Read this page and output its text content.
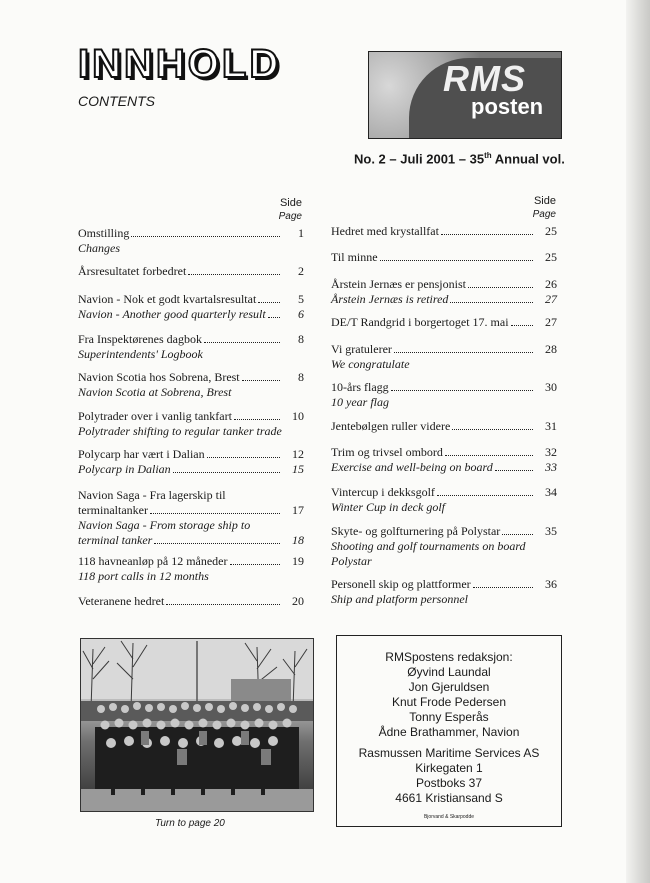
INNHOLD
CONTENTS
RMS
posten
No. 2 – Juli 2001 – 35th Annual vol.
Side
Page
Side
Page
Omstilling	1
Changes
Årsresultatet forbedret	2
Navion - Nok et godt kvartalsresultat	5
Navion - Another good quarterly result	6
Fra Inspektørenes dagbok	8
Superintendents' Logbook
Navion Scotia hos Sobrena, Brest	8
Navion Scotia at Sobrena, Brest
Polytrader over i vanlig tankfart	10
Polytrader shifting to regular tanker trade
Polycarp har vært i Dalian	12
Polycarp in Dalian	15
Navion Saga - Fra lagerskip til
terminaltanker	17
Navion Saga - From storage ship to
terminal tanker	18
118 havneanløp på 12 måneder	19
118 port calls in 12 months
Veteranene hedret	20
Hedret med krystallfat	25
Til minne	25
Årstein Jernæs er pensjonist	26
Årstein Jernæs is retired	27
DE/T Randgrid i borgertoget 17. mai	27
Vi gratulerer	28
We congratulate
10-års flagg	30
10 year flag
Jentebølgen ruller videre	31
Trim og trivsel ombord	32
Exercise and well-being on board	33
Vintercup i dekksgolf	34
Winter Cup in deck golf
Skyte- og golfturnering på Polystar	35
Shooting and golf tournaments on board
Polystar
Personell skip og plattformer	36
Ship and platform personnel
Turn to page 20
RMSpostens redaksjon:
Øyvind Laundal
Jon Gjeruldsen
Knut Frode Pedersen
Tonny Esperås
Ådne Brathammer, Navion
Rasmussen Maritime Services AS
Kirkegaten 1
Postboks 37
4661 Kristiansand S
Bjorvand & Skarpodde
